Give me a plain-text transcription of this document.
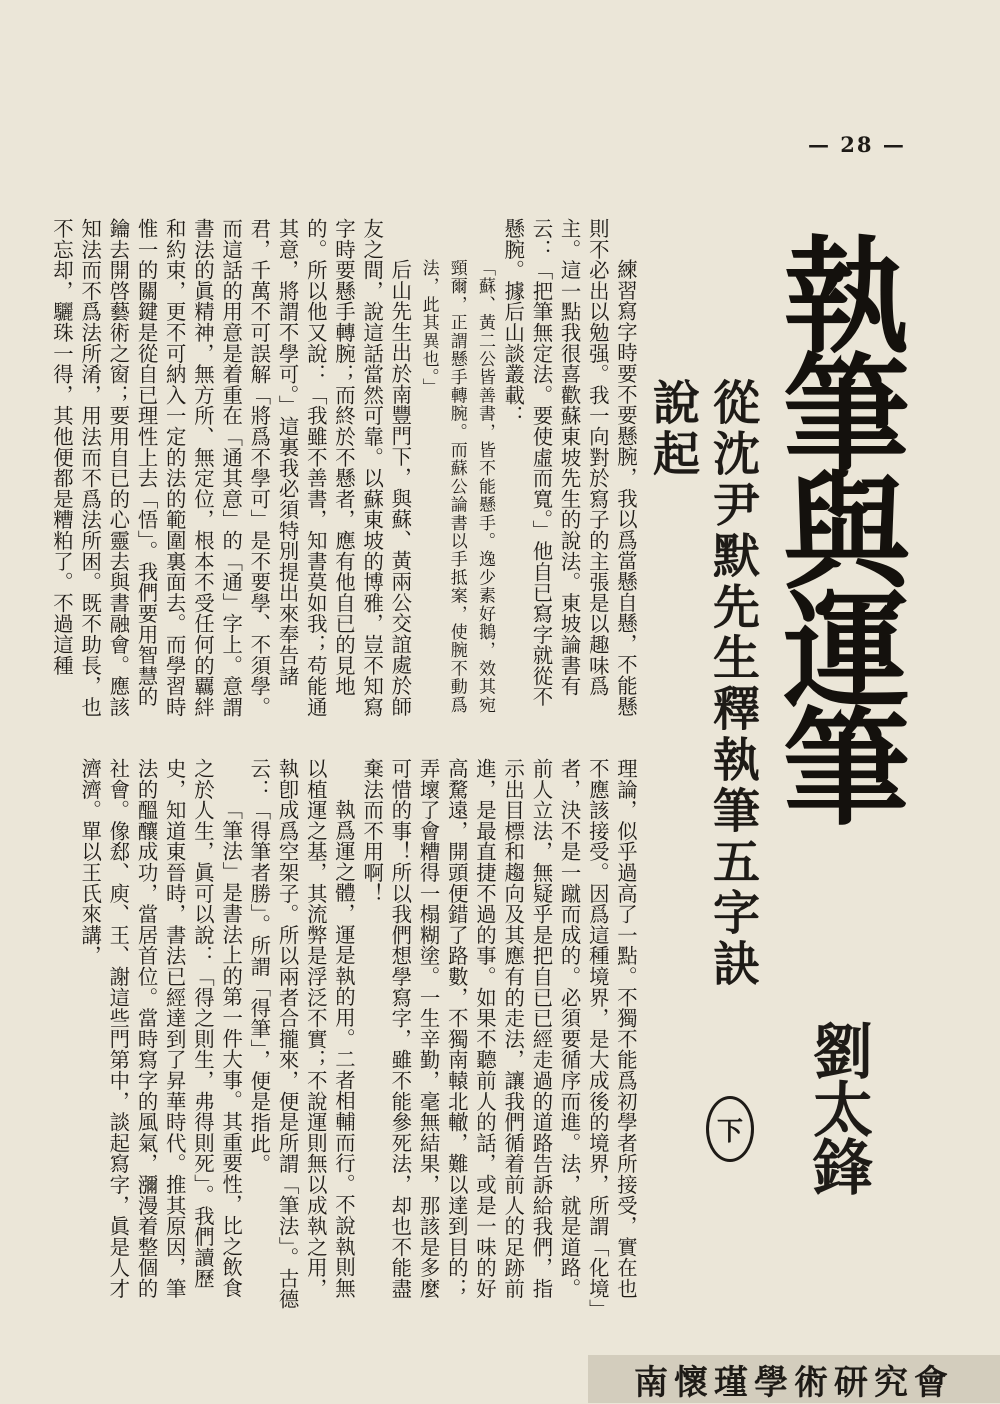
— 28 —
執筆與運筆
從沈尹默先生釋執筆五字訣說起
劉太鋒
下
練習寫字時要不要懸腕，我以爲當懸自懸，不能懸則不必出以勉强。我一向對於寫子的主張是以趣味爲主。這一點我很喜歡蘇東坡先生的說法。東坡論書有云：「把筆無定法。要使虛而寬。」他自已寫字就從不懸腕。據后山談叢載：
「蘇、黃二公皆善書，皆不能懸手。逸少素好鵝，效其宛頸爾，正謂懸手轉腕。而蘇公論書以手抵案，使腕不動爲法，此其異也。」
后山先生出於南豐門下，與蘇、黃兩公交誼處於師友之間，說這話當然可靠。以蘇東坡的博雅，豈不知寫字時要懸手轉腕；而終於不懸者，應有他自已的見地的。所以他又說：「我雖不善書，知書莫如我；苟能通其意，將謂不學可。」這裏我必須特別提出來奉告諸君，千萬不可誤解「將爲不學可」是不要學、不須學。而這話的用意是着重在「通其意」的「通」字上。意謂書法的眞精神，無方所、無定位，根本不受任何的覊絆和約束，更不可納入一定的法的範圍裏面去。而學習時惟一的關鍵是從自已理性上去「悟」。我們要用智慧的鑰去開啓藝術之窗；要用自已的心靈去與書融會。應該知法而不爲法所淆，用法而不爲法所困。既不助長，也不忘却，驪珠一得，其他便都是糟粕了。不過這種
理論，似乎過高了一點。不獨不能爲初學者所接受，實在也不應該接受。因爲這種境界，是大成後的境界，所謂「化境」者，決不是一蹴而成的。必須要循序而進。法，就是道路。前人立法，無疑乎是把自已已經走過的道路告訴給我們，指示出目標和趨向及其應有的走法，讓我們循着前人的足跡前進，是最直捷不過的事。如果不聽前人的話，或是一味的好高騖遠，開頭便錯了路數，不獨南轅北轍，難以達到目的；弄壞了會糟得一榻糊塗。一生辛勤，毫無結果，那該是多麼可惜的事！所以我們想學寫字，雖不能參死法，却也不能盡棄法而不用啊！
執爲運之體，運是執的用。二者相輔而行。不說執則無以植運之基，其流弊是浮泛不實；不說運則無以成執之用，執卽成爲空架子。所以兩者合攏來，便是所謂「筆法」。古德云：「得筆者勝」。所謂「得筆」，便是指此。
「筆法」是書法上的第一件大事。其重要性，比之飲食之於人生，眞可以說：「得之則生，弗得則死」。我們讀歷史，知道東晉時，書法已經達到了昇華時代。推其原因，筆法的醞釀成功，當居首位。當時寫字的風氣，瀰漫着整個的社會。像郄、庾、王、謝這些門第中，談起寫字，眞是人才濟濟。單以王氏來講，
南懷瑾學術研究會
